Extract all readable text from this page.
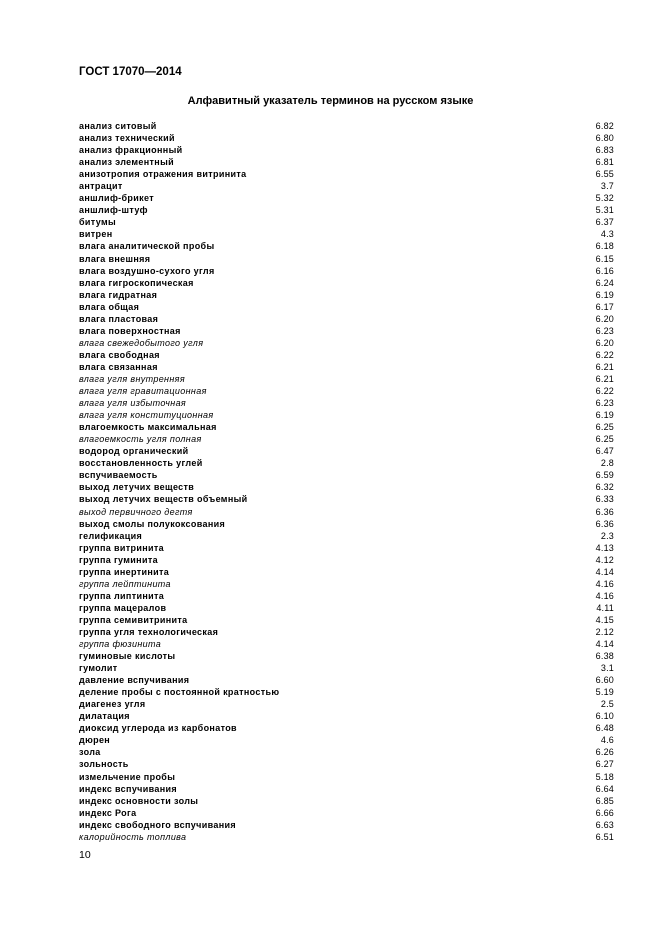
ГОСТ 17070—2014
Алфавитный указатель терминов на русском языке
анализ ситовый	6.82
анализ технический	6.80
анализ фракционный	6.83
анализ элементный	6.81
анизотропия отражения витринита	6.55
антрацит	3.7
аншлиф-брикет	5.32
аншлиф-штуф	5.31
битумы	6.37
витрен	4.3
влага аналитической пробы	6.18
влага внешняя	6.15
влага воздушно-сухого угля	6.16
влага гигроскопическая	6.24
влага гидратная	6.19
влага общая	6.17
влага пластовая	6.20
влага поверхностная	6.23
влага свежедобытого угля	6.20
влага свободная	6.22
влага связанная	6.21
влага угля внутренняя	6.21
влага угля гравитационная	6.22
влага угля избыточная	6.23
влага угля конституционная	6.19
влагоемкость максимальная	6.25
влагоемкость угля полная	6.25
водород органический	6.47
восстановленность углей	2.8
вспучиваемость	6.59
выход летучих веществ	6.32
выход летучих веществ объемный	6.33
выход первичного дегтя	6.36
выход смолы полукоксования	6.36
гелификация	2.3
группа витринита	4.13
группа гуминита	4.12
группа инертинита	4.14
группа лейптинита	4.16
группа липтинита	4.16
группа мацералов	4.11
группа семивитринита	4.15
группа угля технологическая	2.12
группа фюзинита	4.14
гуминовые кислоты	6.38
гумолит	3.1
давление вспучивания	6.60
деление пробы с постоянной кратностью	5.19
диагенез угля	2.5
дилатация	6.10
диоксид углерода из карбонатов	6.48
дюрен	4.6
зола	6.26
зольность	6.27
измельчение пробы	5.18
индекс вспучивания	6.64
индекс основности золы	6.85
индекс Рога	6.66
индекс свободного вспучивания	6.63
калорийность топлива	6.51
10
